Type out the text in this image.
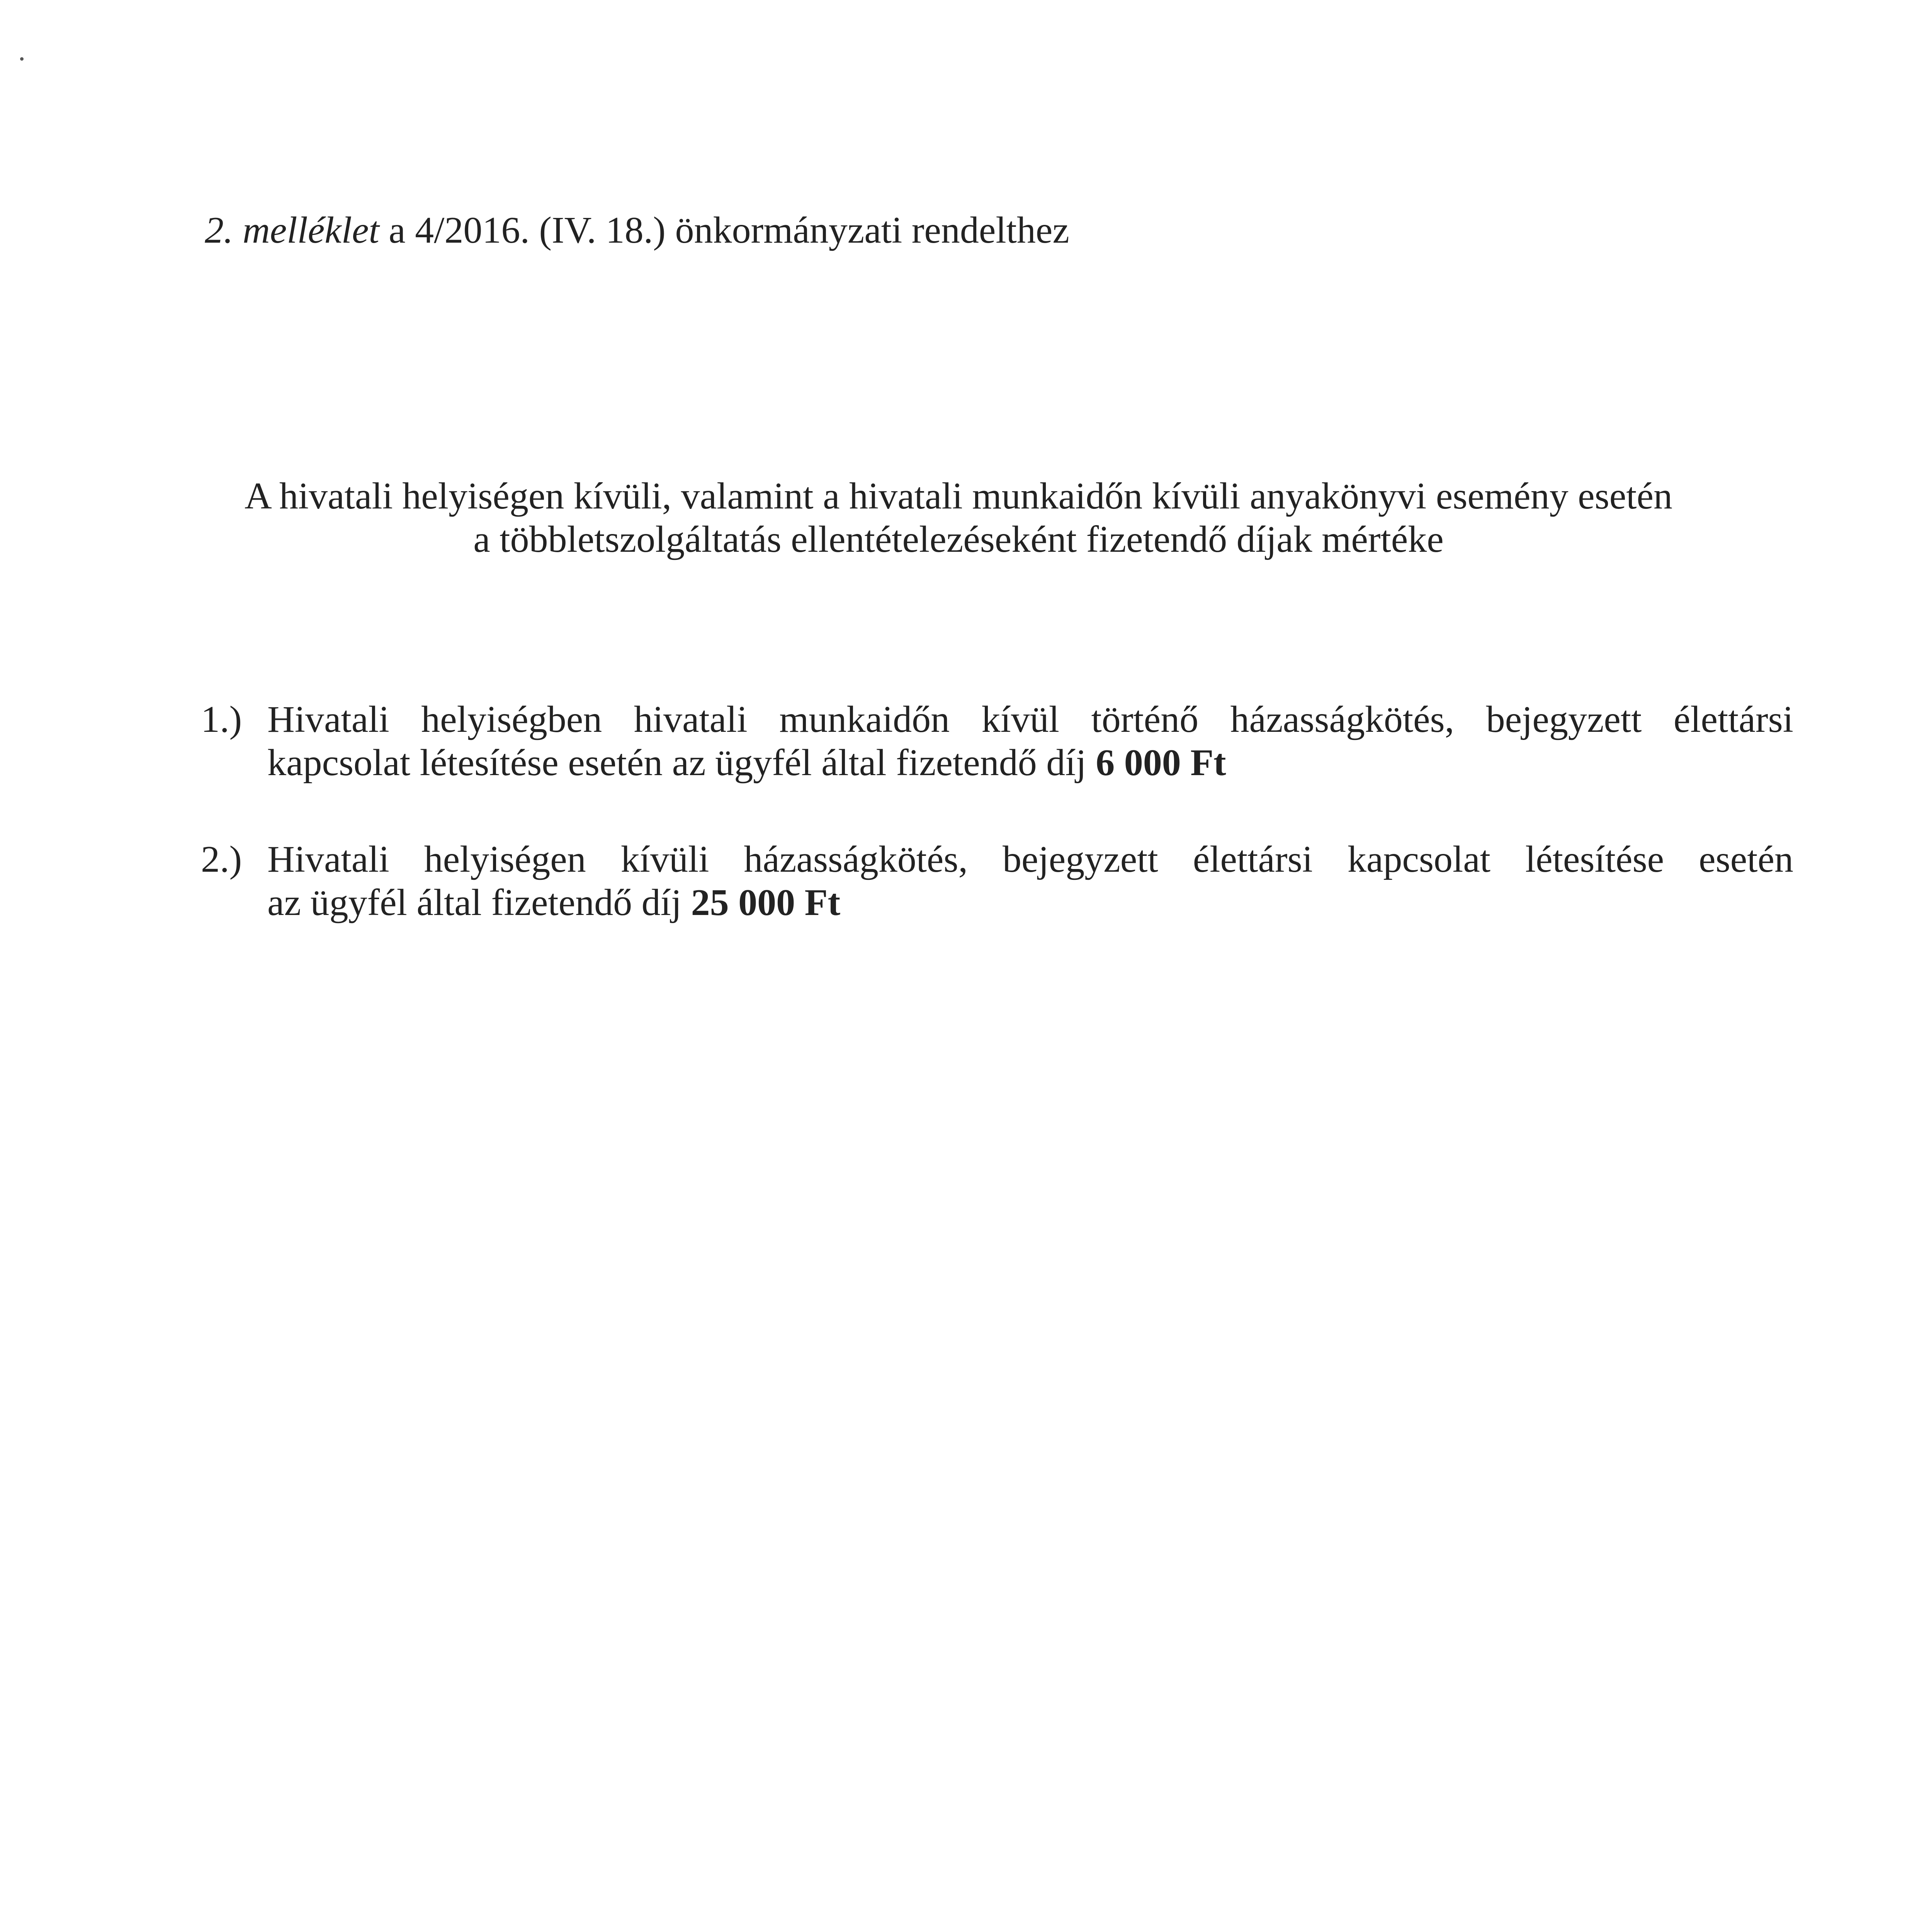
2. melléklet a 4/2016. (IV. 18.) önkormányzati rendelthez
A hivatali helyiségen kívüli, valamint a hivatali munkaidőn kívüli anyakönyvi esemény esetén
a többletszolgáltatás ellentételezéseként fizetendő díjak mértéke
1.) Hivatali helyiségben hivatali munkaidőn kívül történő házasságkötés, bejegyzett élettársi
kapcsolat létesítése esetén az ügyfél által fizetendő díj 6 000 Ft
2.) Hivatali helyiségen kívüli házasságkötés, bejegyzett élettársi kapcsolat létesítése esetén
az ügyfél által fizetendő díj 25 000 Ft
